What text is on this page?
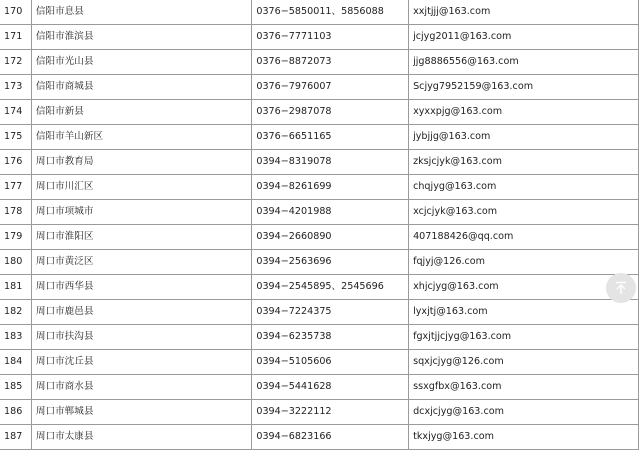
170	信阳市息县	0376−5850011、5856088	xxjtjjj@163.com
171	信阳市淮滨县	0376−7771103	jcjyg2011@163.com
172	信阳市光山县	0376−8872073	jjg8886556@163.com
173	信阳市商城县	0376−7976007	Scjyg7952159@163.com
174	信阳市新县	0376−2987078	xyxxpjg@163.com
175	信阳市羊山新区	0376−6651165	jybjjg@163.com
176	周口市教育局	0394−8319078	zksjcjyk@163.com
177	周口市川汇区	0394−8261699	chqjyg@163.com
178	周口市项城市	0394−4201988	xcjcjyk@163.com
179	周口市淮阳区	0394−2660890	407188426@qq.com
180	周口市黄泛区	0394−2563696	fqjyj@126.com
181	周口市西华县	0394−2545895、2545696	xhjcjyg@163.com
182	周口市鹿邑县	0394−7224375	lyxjtj@163.com
183	周口市扶沟县	0394−6235738	fgxjtjjcjyg@163.com
184	周口市沈丘县	0394−5105606	sqxjcjyg@126.com
185	周口市商水县	0394−5441628	ssxgfbx@163.com
186	周口市郸城县	0394−3222112	dcxjcjyg@163.com
187	周口市太康县	0394−6823166	tkxjyg@163.com
